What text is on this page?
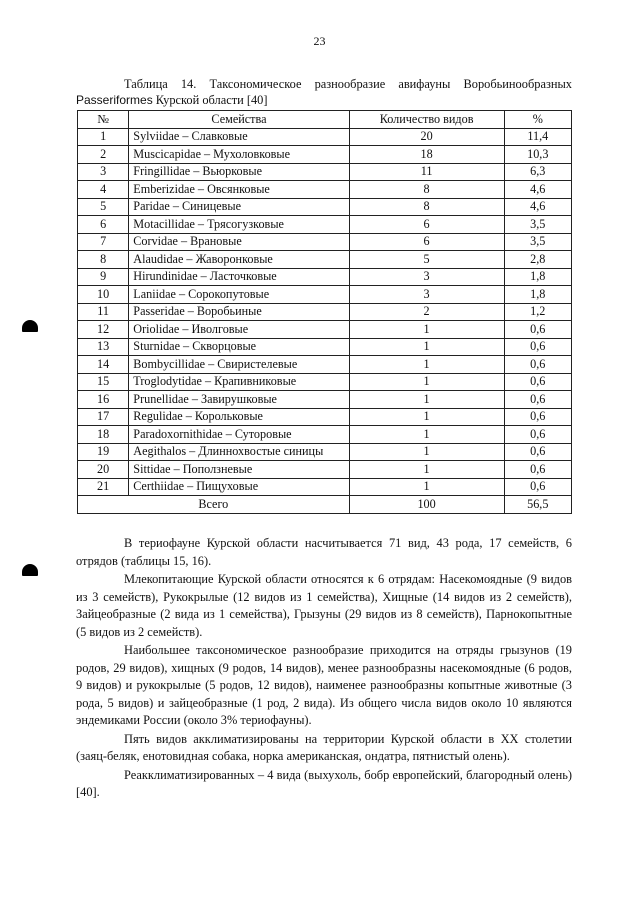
23
Таблица 14. Таксономическое разнообразие авифауны Воробьинообразных Passeriformes Курской области [40]
№	Семейства	Количество видов	%
1	Sylviidae – Славковые	20	11,4
2	Muscicapidae – Мухоловковые	18	10,3
3	Fringillidae – Вьюрковые	11	6,3
4	Emberizidae – Овсянковые	8	4,6
5	Paridae – Синицевые	8	4,6
6	Motacillidae – Трясогузковые	6	3,5
7	Corvidae – Врановые	6	3,5
8	Alaudidae – Жаворонковые	5	2,8
9	Hirundinidae – Ласточковые	3	1,8
10	Laniidae – Сорокопутовые	3	1,8
11	Passeridae – Воробьиные	2	1,2
12	Oriolidae – Иволговые	1	0,6
13	Sturnidae – Скворцовые	1	0,6
14	Bombycillidae – Свиристелевые	1	0,6
15	Troglodytidae – Крапивниковые	1	0,6
16	Prunellidae – Завирушковые	1	0,6
17	Regulidae – Корольковые	1	0,6
18	Paradoxornithidae – Суторовые	1	0,6
19	Aegithalos – Длиннохвостые синицы	1	0,6
20	Sittidae – Поползневые	1	0,6
21	Certhiidae – Пищуховые	1	0,6
Всего		100	56,5

В териофауне Курской области насчитывается 71 вид, 43 рода, 17 семейств, 6 отрядов (таблицы 15, 16).

Млекопитающие Курской области относятся к 6 отрядам: Насекомоядные (9 видов из 3 семейств), Рукокрылые (12 видов из 1 семейства), Хищные (14 видов из 2 семейств), Зайцеобразные (2 вида из 1 семейства), Грызуны (29 видов из 8 семейств), Парнокопытные (5 видов из 2 семейств).

Наибольшее таксономическое разнообразие приходится на отряды грызунов (19 родов, 29 видов), хищных (9 родов, 14 видов), менее разнообразны насекомоядные (6 родов, 9 видов) и рукокрылые (5 родов, 12 видов), наименее разнообразны копытные животные (3 рода, 5 видов) и зайцеобразные (1 род, 2 вида). Из общего числа видов около 10 являются эндемиками России (около 3% териофауны).

Пять видов акклиматизированы на территории Курской области в XX столетии (заяц-беляк, енотовидная собака, норка американская, ондатра, пятнистый олень).

Реакклиматизированных – 4 вида (выхухоль, бобр европейский, благородный олень) [40].
